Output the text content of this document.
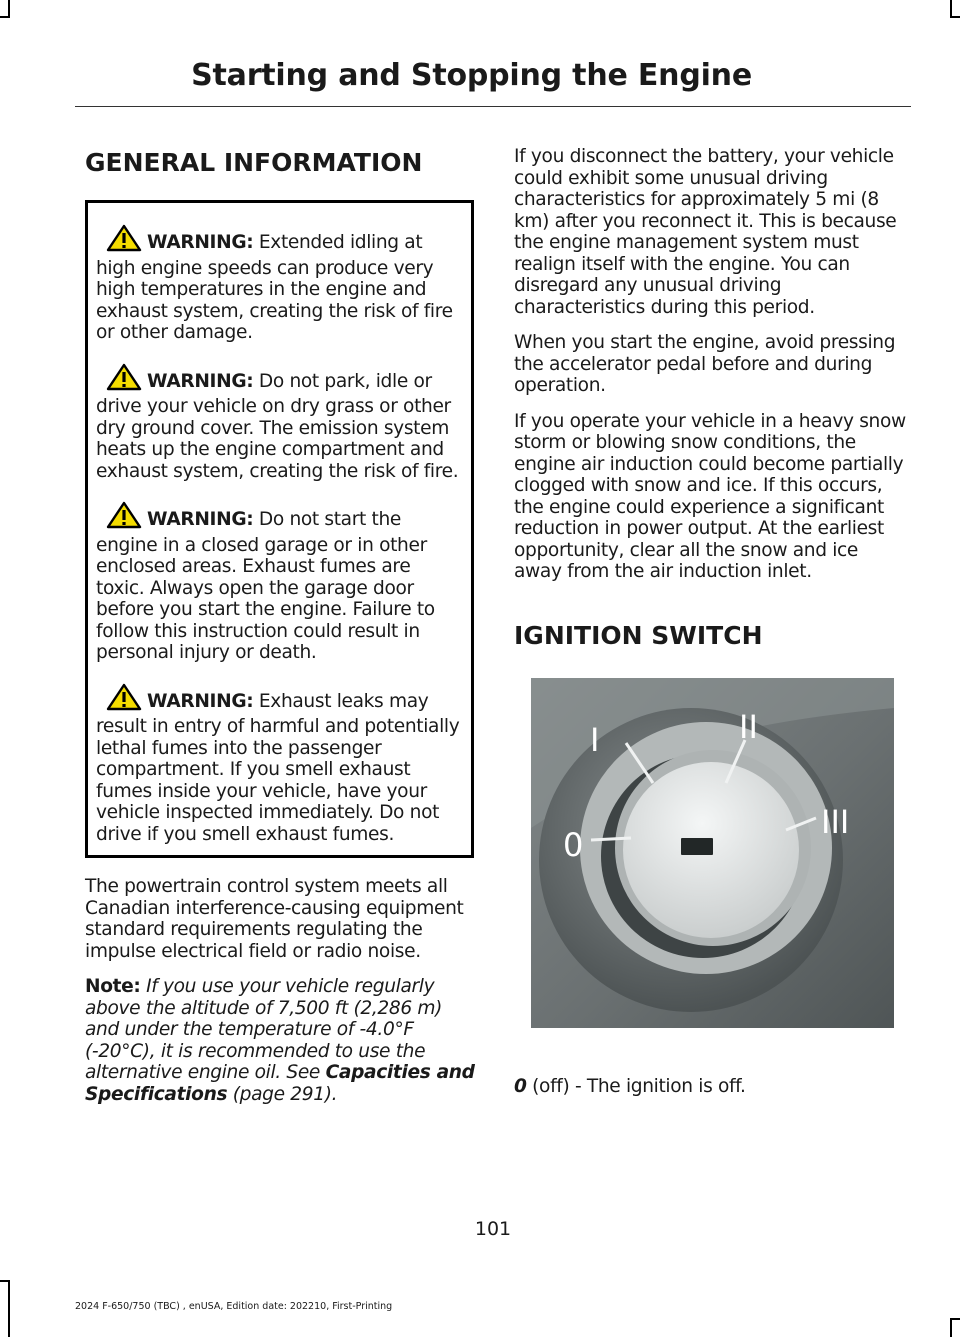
Starting and Stopping the Engine
GENERAL INFORMATION

WARNING: Extended idling at high engine speeds can produce very high temperatures in the engine and exhaust system, creating the risk of fire or other damage.

WARNING: Do not park, idle or drive your vehicle on dry grass or other dry ground cover. The emission system heats up the engine compartment and exhaust system, creating the risk of fire.

WARNING: Do not start the engine in a closed garage or in other enclosed areas. Exhaust fumes are toxic. Always open the garage door before you start the engine. Failure to follow this instruction could result in personal injury or death.

WARNING: Exhaust leaks may result in entry of harmful and potentially lethal fumes into the passenger compartment. If you smell exhaust fumes inside your vehicle, have your vehicle inspected immediately. Do not drive if you smell exhaust fumes.

The powertrain control system meets all Canadian interference-causing equipment standard requirements regulating the impulse electrical field or radio noise.

Note: If you use your vehicle regularly above the altitude of 7,500 ft (2,286 m) and under the temperature of -4.0°F (-20°C), it is recommended to use the alternative engine oil. See Capacities and Specifications (page 291).

If you disconnect the battery, your vehicle could exhibit some unusual driving characteristics for approximately 5 mi (8 km) after you reconnect it. This is because the engine management system must realign itself with the engine. You can disregard any unusual driving characteristics during this period.

When you start the engine, avoid pressing the accelerator pedal before and during operation.

If you operate your vehicle in a heavy snow storm or blowing snow conditions, the engine air induction could become partially clogged with snow and ice. If this occurs, the engine could experience a significant reduction in power output. At the earliest opportunity, clear all the snow and ice away from the air induction inlet.

IGNITION SWITCH
I	II
III
0
0 (off) - The ignition is off.
101
2024 F-650/750 (TBC) , enUSA, Edition date: 202210, First-Printing
